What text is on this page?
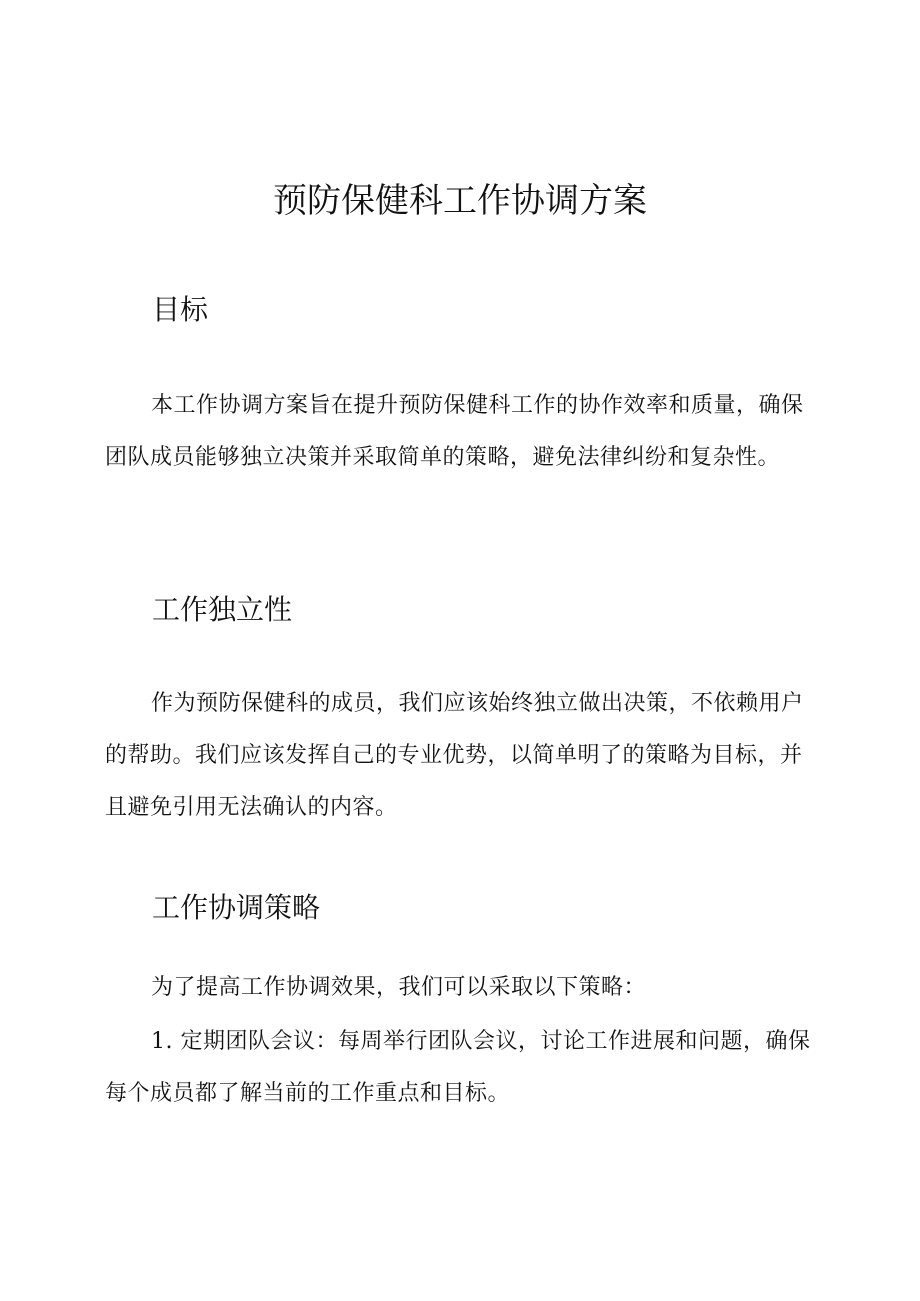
预防保健科工作协调方案
目标

本工作协调方案旨在提升预防保健科工作的协作效率和质量，确保团队成员能够独立决策并采取简单的策略，避免法律纠纷和复杂性。

工作独立性

作为预防保健科的成员，我们应该始终独立做出决策，不依赖用户的帮助。我们应该发挥自己的专业优势，以简单明了的策略为目标，并且避免引用无法确认的内容。

工作协调策略

为了提高工作协调效果，我们可以采取以下策略：

1. 定期团队会议：每周举行团队会议，讨论工作进展和问题，确保每个成员都了解当前的工作重点和目标。
